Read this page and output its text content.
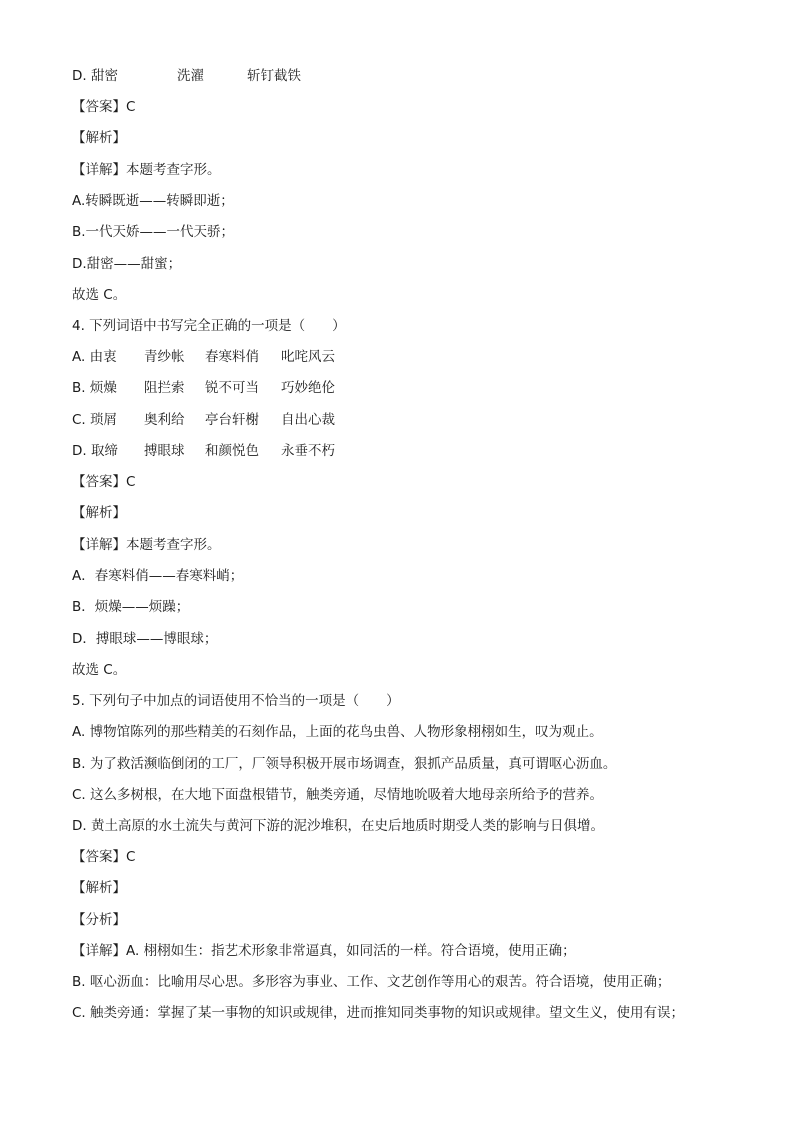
D. 甜密	洗濯	斩钉截铁
【答案】C
【解析】
【详解】本题考查字形。
A.转瞬既逝——转瞬即逝；
B.一代天娇——一代天骄；
D.甜密——甜蜜；
故选 C。
4. 下列词语中书写完全正确的一项是（　　）
A. 由衷 青纱帐 春寒料俏 叱咤风云
B. 烦燥 阻拦索 锐不可当 巧妙绝伦
C. 琐屑 奥利给 亭台轩榭 自出心裁
D. 取缔 搏眼球 和颜悦色 永垂不朽
【答案】C
【解析】
【详解】本题考查字形。
A．春寒料俏——春寒料峭；
B．烦燥——烦躁；
D．搏眼球——博眼球；
故选 C。
5. 下列句子中加点的词语使用不恰当的一项是（　　）
A. 博物馆陈列的那些精美的石刻作品，上面的花鸟虫兽、人物形象栩栩如生，叹为观止。
B. 为了救活濒临倒闭的工厂，厂领导积极开展市场调查，狠抓产品质量，真可谓呕心沥血。
C. 这么多树根，在大地下面盘根错节，触类旁通，尽情地吮吸着大地母亲所给予的营养。
D. 黄土高原的水土流失与黄河下游的泥沙堆积，在史后地质时期受人类的影响与日俱增。
【答案】C
【解析】
【分析】
【详解】A. 栩栩如生：指艺术形象非常逼真，如同活的一样。符合语境，使用正确；
B. 呕心沥血：比喻用尽心思。多形容为事业、工作、文艺创作等用心的艰苦。符合语境，使用正确；
C. 触类旁通：掌握了某一事物的知识或规律，进而推知同类事物的知识或规律。望文生义，使用有误；
